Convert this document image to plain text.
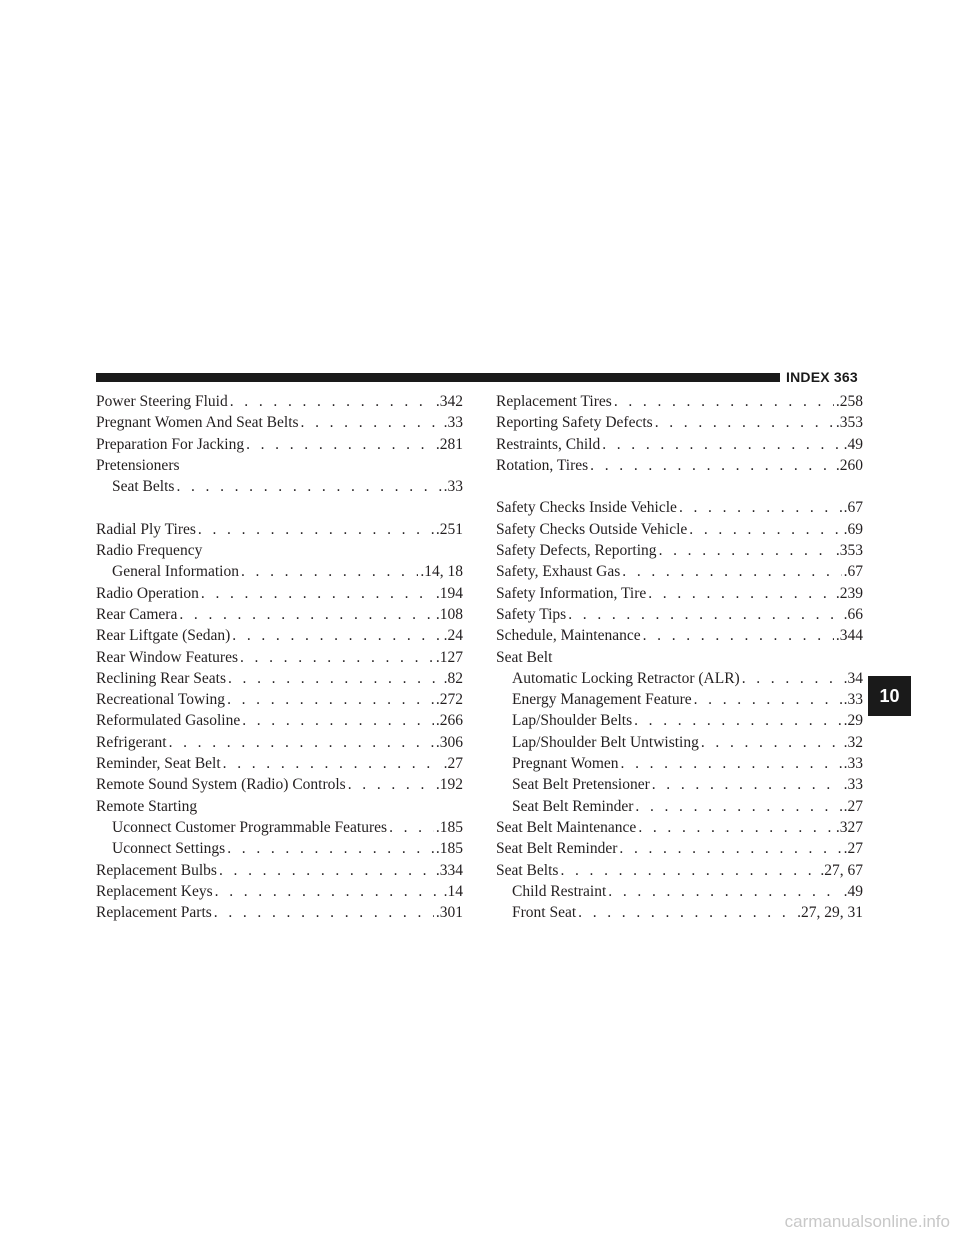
INDEX 363
Power Steering Fluid . . .	.342
Pregnant Women And Seat Belts . . .	.33
Preparation For Jacking . . .	.281
Pretensioners
Seat Belts . . .	.33
Radial Ply Tires . . .	.251
Radio Frequency
General Information . . .	.14, 18
Radio Operation . . .	.194
Rear Camera . . .	.108
Rear Liftgate (Sedan) . . .	.24
Rear Window Features . . .	.127
Reclining Rear Seats . . .	.82
Recreational Towing . . .	.272
Reformulated Gasoline . . .	.266
Refrigerant . . .	.306
Reminder, Seat Belt . . .	.27
Remote Sound System (Radio) Controls . . .	.192
Remote Starting
Uconnect Customer Programmable Features . . .	.185
Uconnect Settings . . .	.185
Replacement Bulbs . . .	.334
Replacement Keys . . .	.14
Replacement Parts . . .	.301
Replacement Tires . . .	.258
Reporting Safety Defects . . .	.353
Restraints, Child . . .	.49
Rotation, Tires . . .	.260
Safety Checks Inside Vehicle . . .	.67
Safety Checks Outside Vehicle . . .	.69
Safety Defects, Reporting . . .	.353
Safety, Exhaust Gas . . .	.67
Safety Information, Tire . . .	.239
Safety Tips . . .	.66
Schedule, Maintenance . . .	.344
Seat Belt
Automatic Locking Retractor (ALR) . . .	.34
Energy Management Feature . . .	.33
Lap/Shoulder Belts . . .	.29
Lap/Shoulder Belt Untwisting . . .	.32
Pregnant Women . . .	.33
Seat Belt Pretensioner . . .	.33
Seat Belt Reminder . . .	.27
Seat Belt Maintenance . . .	.327
Seat Belt Reminder . . .	.27
Seat Belts . . .	.27, 67
Child Restraint . . .	.49
Front Seat . . .	.27, 29, 31
10
carmanualsonline.info
